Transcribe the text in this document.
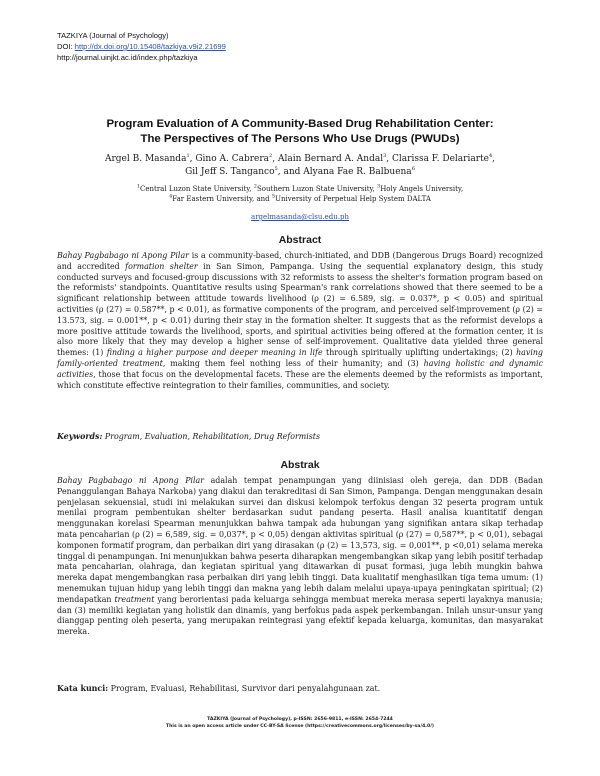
TAZKIYA (Journal of Psychology)
DOI: http://dx.doi.org/10.15408/tazkiya.v9i2.21699
http://journal.uinjkt.ac.id/index.php/tazkiya
Program Evaluation of A Community-Based Drug Rehabilitation Center:
The Perspectives of The Persons Who Use Drugs (PWUDs)
Argel B. Masanda$^1$, Gino A. Cabrera$^2$, Alain Bernard A. Andal$^3$, Clarissa F. Delariarte$^4$,
Gil Jeff S. Tanganco$^5$, and Alyana Fae R. Balbuena$^6$
$^1$Central Luzon State University, $^2$Southern Luzon State University, $^3$Holy Angels University,
$^4$Far Eastern University, and $^5$University of Perpetual Help System DALTA
argelmasanda@clsu.edu.ph
Abstract
Bahay Pagbabago ni Apong Pilar is a community-based, church-initiated, and DDB (Dangerous Drugs Board) recognized and accredited formation shelter in San Simon, Pampanga. Using the sequential explanatory design, this study conducted surveys and focused-group discussions with 32 reformists to assess the shelter's formation program based on the reformists' standpoints. Quantitative results using Spearman's rank correlations showed that there seemed to be a significant relationship between attitude towards livelihood (ρ (2) = 6.589, sig. = 0.037*, p < 0.05) and spiritual activities (ρ (27) = 0.587**, p < 0.01), as formative components of the program, and perceived self-improvement (ρ (2) = 13.573, sig. = 0.001**, p < 0.01) during their stay in the formation shelter. It suggests that as the reformist develops a more positive attitude towards the livelihood, sports, and spiritual activities being offered at the formation center, it is also more likely that they may develop a higher sense of self-improvement. Qualitative data yielded three general themes: (1) finding a higher purpose and deeper meaning in life through spiritually uplifting undertakings; (2) having family-oriented treatment, making them feel nothing less of their humanity; and (3) having holistic and dynamic activities, those that focus on the developmental facets. These are the elements deemed by the reformists as important, which constitute effective reintegration to their families, communities, and society.
Keywords: Program, Evaluation, Rehabilitation, Drug Reformists
Abstrak
Bahay Pagbabago ni Apong Pilar adalah tempat penampungan yang diinisiasi oleh gereja, dan DDB (Badan Penanggulangan Bahaya Narkoba) yang diakui dan terakreditasi di San Simon, Pampanga. Dengan menggunakan desain penjelasan sekuensial, studi ini melakukan survei dan diskusi kelompok terfokus dengan 32 peserta program untuk menilai program pembentukan shelter berdasarkan sudut pandang peserta. Hasil analisa kuantitatif dengan menggunakan korelasi Spearman menunjukkan bahwa tampak ada hubungan yang signifikan antara sikap terhadap mata pencaharian (ρ (2) = 6,589, sig. = 0,037*, p < 0,05) dengan aktivitas spiritual (ρ (27) = 0,587**, p < 0,01), sebagai komponen formatif program, dan perbaikan diri yang dirasakan (ρ (2) = 13,573, sig. = 0,001**, p <0,01) selama mereka tinggal di penampungan. Ini menunjukkan bahwa peserta diharapkan mengembangkan sikap yang lebih positif terhadap mata pencaharian, olahraga, dan kegiatan spiritual yang ditawarkan di pusat formasi, juga lebih mungkin bahwa mereka dapat mengembangkan rasa perbaikan diri yang lebih tinggi. Data kualitatif menghasilkan tiga tema umum: (1) menemukan tujuan hidup yang lebih tinggi dan makna yang lebih dalam melalui upaya-upaya peningkatan spiritual; (2) mendapatkan treatment yang berorientasi pada keluarga sehingga membuat mereka merasa seperti layaknya manusia; dan (3) memiliki kegiatan yang holistik dan dinamis, yang berfokus pada aspek perkembangan. Inilah unsur-unsur yang dianggap penting oleh peserta, yang merupakan reintegrasi yang efektif kepada keluarga, komunitas, dan masyarakat mereka.
Kata kunci: Program, Evaluasi, Rehabilitasi, Survivor dari penyalahgunaan zat.
TAZKIYA (Journal of Psychology), p-ISSN: 2656-9811, e-ISSN: 2654-7244
This is an open access article under CC-BY-SA license (https://creativecommons.org/licenses/by-sa/4.0/)
